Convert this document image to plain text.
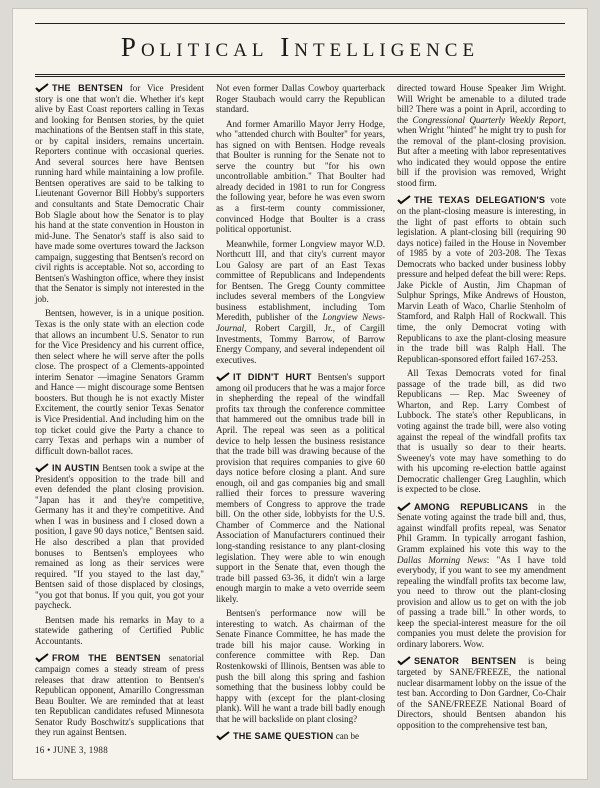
Political Intelligence

THE BENTSEN for Vice President story is one that won't die. Whether it's kept alive by East Coast reporters calling in Texas and looking for Bentsen stories, by the quiet machinations of the Bentsen staff in this state, or by capital insiders, remains uncertain. Reporters continue with occasional queries. And several sources here have Bentsen running hard while maintaining a low profile. Bentsen operatives are said to be talking to Lieutenant Governor Bill Hobby's supporters and consultants and State Democratic Chair Bob Slagle about how the Senator is to play his hand at the state convention in Houston in mid-June. The Senator's staff is also said to have made some overtures toward the Jackson campaign, suggesting that Bentsen's record on civil rights is acceptable. Not so, according to Bentsen's Washington office, where they insist that the Senator is simply not interested in the job.

Bentsen, however, is in a unique position. Texas is the only state with an election code that allows an incumbent U.S. Senator to run for the Vice Presidency and his current office, then select where he will serve after the polls close. The prospect of a Clements-appointed interim Senator —imagine Senators Gramm and Hance — might discourage some Bentsen boosters. But though he is not exactly Mister Excitement, the courtly senior Texas Senator is Vice Presidential. And including him on the top ticket could give the Party a chance to carry Texas and perhaps win a number of difficult down-ballot races.

IN AUSTIN Bentsen took a swipe at the President's opposition to the trade bill and even defended the plant closing provision. "Japan has it and they're competitive, Germany has it and they're competitive. And when I was in business and I closed down a position, I gave 90 days notice," Bentsen said. He also described a plan that provided bonuses to Bentsen's employees who remained as long as their services were required. "If you stayed to the last day," Bentsen said of those displaced by closings, "you got that bonus. If you quit, you got your paycheck.

Bentsen made his remarks in May to a statewide gathering of Certified Public Accountants.

FROM THE BENTSEN senatorial campaign comes a steady stream of press releases that draw attention to Bentsen's Republican opponent, Amarillo Congressman Beau Boulter. We are reminded that at least ten Republican candidates refused Minnesota Senator Rudy Boschwitz's supplications that they run against Bentsen.

Not even former Dallas Cowboy quarterback Roger Staubach would carry the Republican standard.

And former Amarillo Mayor Jerry Hodge, who "attended church with Boulter" for years, has signed on with Bentsen. Hodge reveals that Boulter is running for the Senate not to serve the country but "for his own uncontrollable ambition." That Boulter had already decided in 1981 to run for Congress the following year, before he was even sworn as a first-term county commissioner, convinced Hodge that Boulter is a crass political opportunist.

Meanwhile, former Longview mayor W.D. Northcutt III, and that city's current mayor Lou Galosy are part of an East Texas committee of Republicans and Independents for Bentsen. The Gregg County committee includes several members of the Longview business establishment, including Tom Meredith, publisher of the Longview News-Journal, Robert Cargill, Jr., of Cargill Investments, Tommy Barrow, of Barrow Energy Company, and several independent oil executives.

IT DIDN'T HURT Bentsen's support among oil producers that he was a major force in shepherding the repeal of the windfall profits tax through the conference committee that hammered out the omnibus trade bill in April. The repeal was seen as a political device to help lessen the business resistance that the trade bill was drawing because of the provision that requires companies to give 60 days notice before closing a plant. And sure enough, oil and gas companies big and small rallied their forces to pressure wavering members of Congress to approve the trade bill. On the other side, lobbyists for the U.S. Chamber of Commerce and the National Association of Manufacturers continued their long-standing resistance to any plant-closing legislation. They were able to win enough support in the Senate that, even though the trade bill passed 63-36, it didn't win a large enough margin to make a veto override seem likely.

Bentsen's performance now will be interesting to watch. As chairman of the Senate Finance Committee, he has made the trade bill his major cause. Working in conference committee with Rep. Dan Rostenkowski of Illinois, Bentsen was able to push the bill along this spring and fashion something that the business lobby could be happy with (except for the plant-closing plank). Will he want a trade bill badly enough that he will backslide on plant closing?

THE SAME QUESTION can be

directed toward House Speaker Jim Wright. Will Wright be amenable to a diluted trade bill? There was a point in April, according to the Congressional Quarterly Weekly Report, when Wright "hinted" he might try to push for the removal of the plant-closing provision. But after a meeting with labor representatives who indicated they would oppose the entire bill if the provision was removed, Wright stood firm.

THE TEXAS DELEGATION'S vote on the plant-closing measure is interesting, in the light of past efforts to obtain such legislation. A plant-closing bill (requiring 90 days notice) failed in the House in November of 1985 by a vote of 203-208. The Texas Democrats who backed under business lobby pressure and helped defeat the bill were: Reps. Jake Pickle of Austin, Jim Chapman of Sulphur Springs, Mike Andrews of Houston, Marvin Leath of Waco, Charlie Stenholm of Stamford, and Ralph Hall of Rockwall. This time, the only Democrat voting with Republicans to axe the plant-closing measure in the trade bill was Ralph Hall. The Republican-sponsored effort failed 167-253.

All Texas Democrats voted for final passage of the trade bill, as did two Republicans — Rep. Mac Sweeney of Wharton, and Rep. Larry Combest of Lubbock. The state's other Republicans, in voting against the trade bill, were also voting against the repeal of the windfall profits tax that is usually so dear to their hearts. Sweeney's vote may have something to do with his upcoming re-election battle against Democratic challenger Greg Laughlin, which is expected to be close.

AMONG REPUBLICANS in the Senate voting against the trade bill and, thus, against windfall profits repeal, was Senator Phil Gramm. In typically arrogant fashion, Gramm explained his vote this way to the Dallas Morning News: "As I have told everybody, if you want to see my amendment repealing the windfall profits tax become law, you need to throw out the plant-closing provision and allow us to get on with the job of passing a trade bill." In other words, to keep the special-interest measure for the oil companies you must delete the provision for ordinary laborers. Wow.

SENATOR BENTSEN is being targeted by SANE/FREEZE, the national nuclear disarmament lobby on the issue of the test ban. According to Don Gardner, Co-Chair of the SANE/FREEZE National Board of Directors, should Bentsen abandon his opposition to the comprehensive test ban,

16 • JUNE 3, 1988
